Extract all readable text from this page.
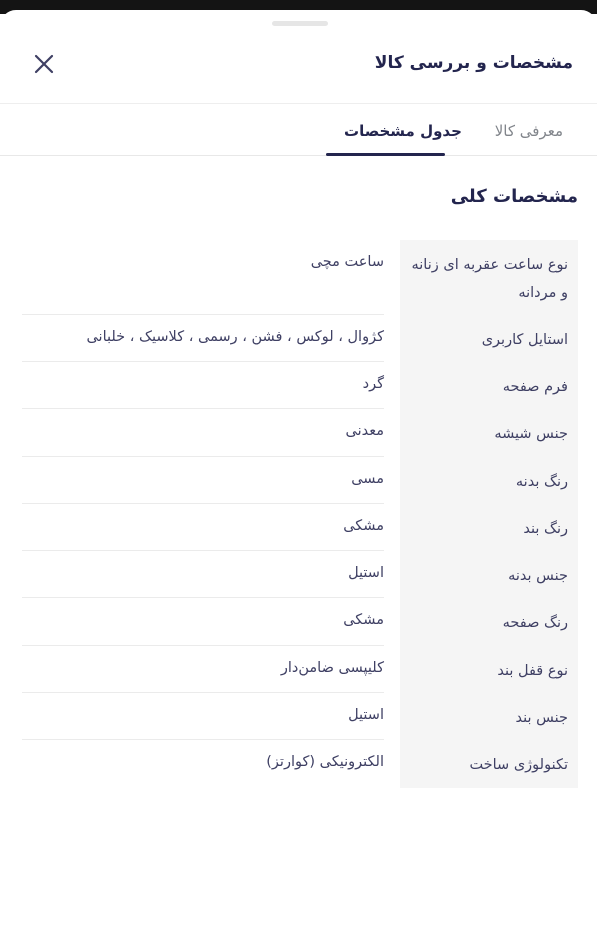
مشخصات و بررسی کالا
معرفی کالا
جدول مشخصات
مشخصات کلی
ساعت مچی	نوع ساعت عقربه ای زنانه و مردانه
کژوال ، لوکس ، فشن ، رسمی ، کلاسیک ، خلبانی	استایل کاربری
گرد	فرم صفحه
معدنی	جنس شیشه
مسی	رنگ بدنه
مشکی	رنگ بند
استیل	جنس بدنه
مشکی	رنگ صفحه
کلیپسی ضامن‌دار	نوع قفل بند
استیل	جنس بند
الکترونیکی (کوارتز)	تکنولوژی ساخت
